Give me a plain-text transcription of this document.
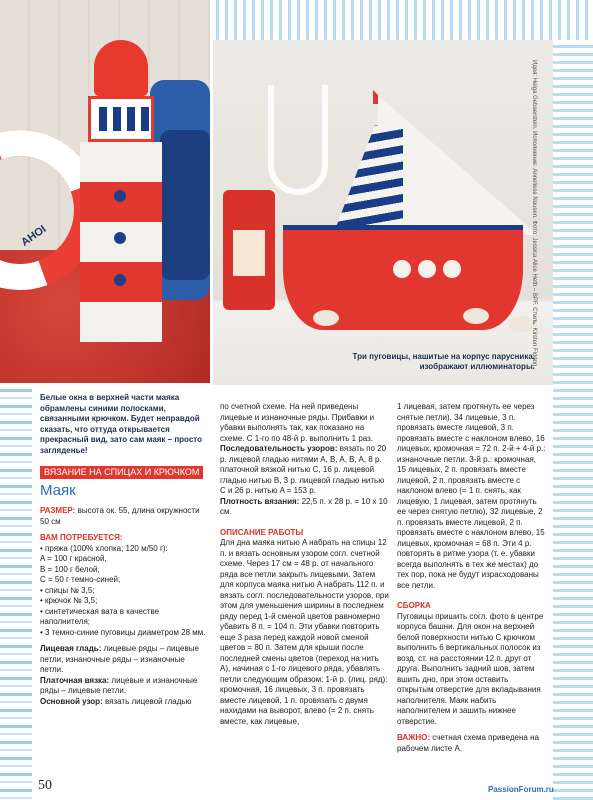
AHOI	Идея: Helga Gebaerstein. Исполнение: Anneliese Nausen. Фото: Jessica Alice Heth – BPF. Стиль: Kirsten Fiddon.
Три пуговицы, нашитые на корпус парусника, изображают иллюминаторы.

Белые окна в верхней части маяка обрамлены синими полосками, связанными крючком. Будет неправдой сказать, что оттуда открывается прекрасный вид, зато сам маяк – просто загляденье!

ВЯЗАНИЕ НА СПИЦАХ И КРЮЧКОМ
Маяк

РАЗМЕР: высота ок. 55, длина окружности 50 см

ВАМ ПОТРЕБУЕТСЯ:

• пряжа (100% хлопка; 120 м/50 г):

A = 100 г красной,

B = 100 г белой,

C = 50 г темно-синей;

• спицы № 3,5;

• крючок № 3,5;

• синтетическая вата в качестве наполнителя;

• 3 темно-синие пуговицы диаметром 28 мм.

Лицевая гладь: лицевые ряды – лицевые петли, изнаночные ряды – изнаночные петли.

Платочная вязка: лицевые и изнаночные ряды – лицевые петли.

Основной узор: вязать лицевой гладью

по счетной схеме. На ней приведены лицевые и изнаночные ряды. Прибавки и убавки выполнять так, как показано на схеме. С 1-го по 48-й р. выполнить 1 раз.

Последовательность узоров: вязать по 20 р. лицевой гладью нитями A, B, A, B, A, 8 р. платочной вязкой нитью C, 16 р. лицевой гладью нитью B, 3 р. лицевой гладью нитью C и 26 р. нитью A = 153 р.

Плотность вязания: 22,5 п. x 28 р. = 10 x 10 см.

ОПИСАНИЕ РАБОТЫ

Для дна маяка нитью A набрать на спицы 12 п. и вязать основным узором согл. счетной схеме. Через 17 см = 48 р. от начального ряда все петли закрыть лицевыми. Затем для корпуса маяка нитью A набрать 112 п. и вязать согл. последовательности узоров, при этом для уменьшения ширины в последнем ряду перед 1-й сменой цветов равномерно убавить 8 п. = 104 п. Эти убавки повторить еще 3 раза перед каждой новой сменой цветов = 80 п. Затем для крыши после последней смены цветов (переход на нить A), начиная с 1-го лицевого ряда, убавлять петли следующим образом: 1-й р. (лиц. ряд): кромочная, 16 лицевых, 3 п. провязать вместе лицевой, 1 п. провязать с двумя нахидами на выворот, влево (= 2 п. снять вместе, как лицевые,

1 лицевая, затем протянуть ее через снятые петли). 34 лицевые, 3 п. провязать вместе лицевой, 3 п. провязать вместе с наклоном влево, 16 лицевых, кромочная = 72 п. 2-й + 4-й р.: изнаночные петли. 3-й р.: кромочная, 15 лицевых, 2 п. провязать вместе лицевой, 2 п. провязать вместе с наклоном влево (= 1 п. снять, как лицевую, 1 лицевая, затем протянуть ее через снятую петлю), 32 лицевые, 2 п. провязать вместе лицевой, 2 п. провязать вместе с наклоном влево, 15 лицевых, кромочная = 68 п. Эти 4 р. повторять в ритме узора (т. е. убавки всегда выполнять в тех же местах) до тех пор, пока не будут израсходованы все петли.

СБОРКА

Пуговицы пришить согл. фото в центре корпуса башни. Для окон на верхней белой поверхности нитью C крючком выполнить 6 вертикальных полосок из возд. ст. на расстоянии 12 п. друг от друга. Выполнить задний шов, затем вшить дно, при этом оставить открытым отверстие для вкладывания наполнителя. Маяк набить наполнителем и зашить нижнее отверстие.

ВАЖНО: счетная схема приведена на рабочем листе A.

50	PassionForum.ru
